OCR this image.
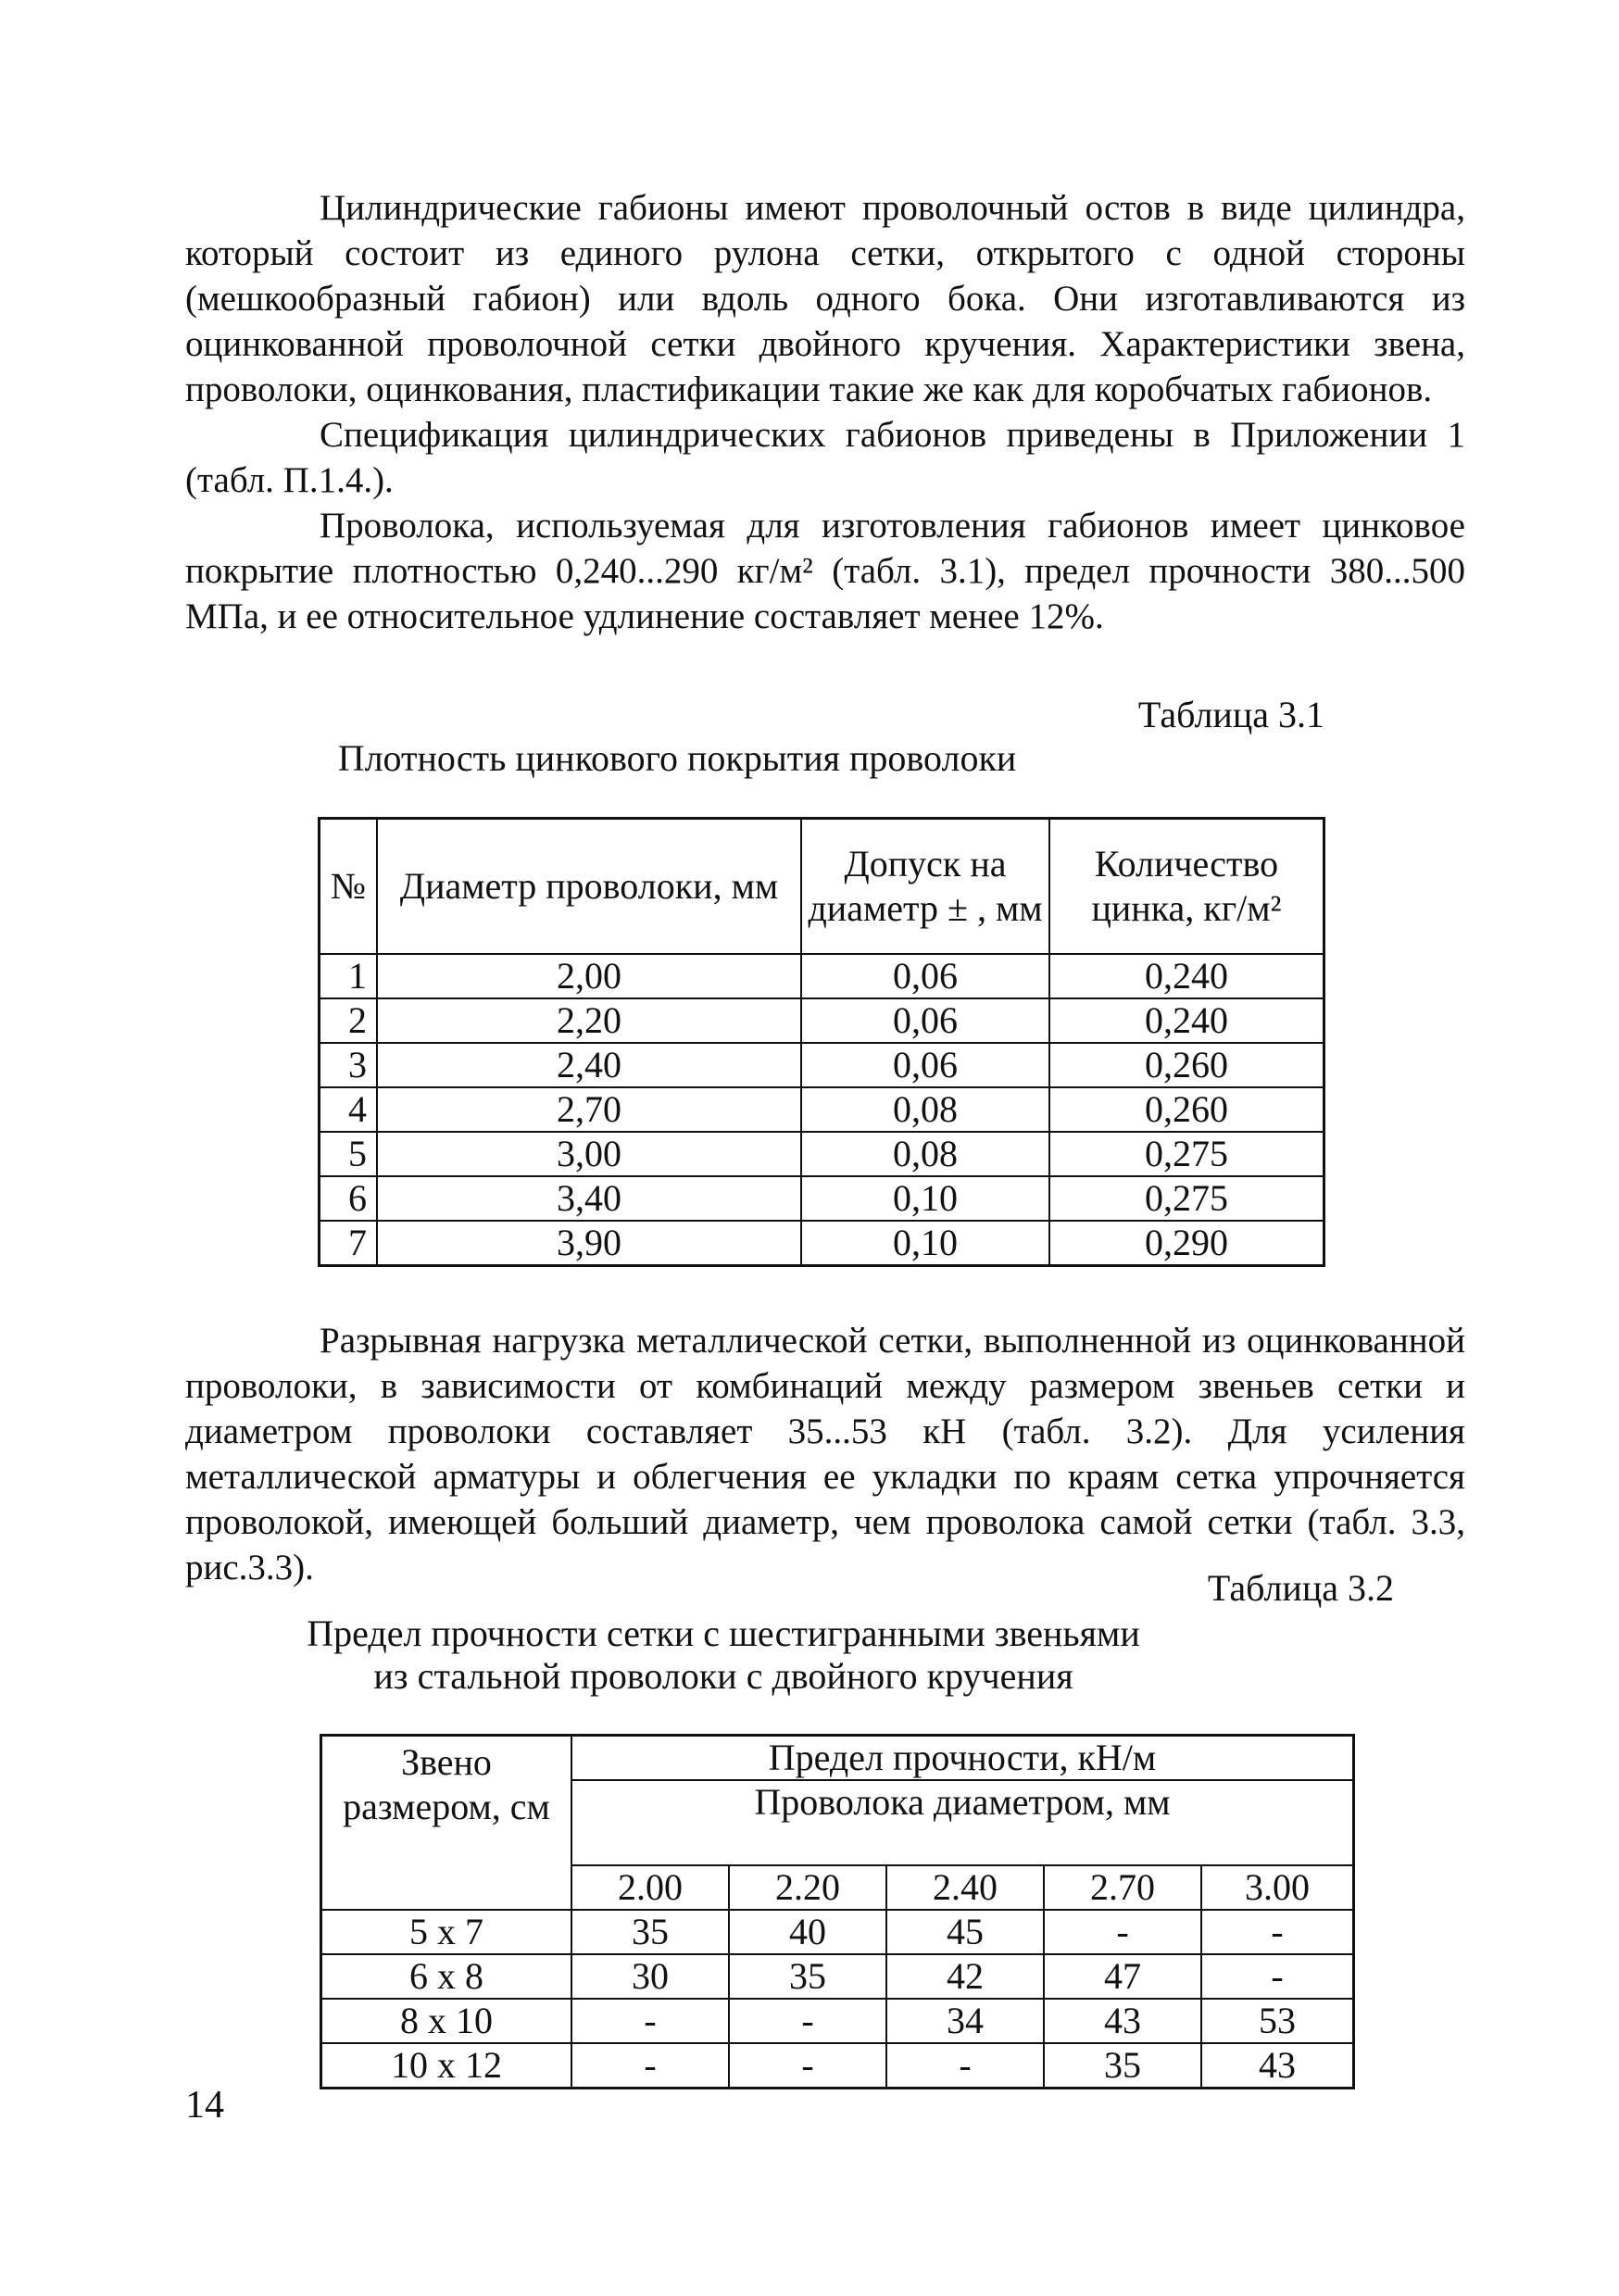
Цилиндрические габионы имеют проволочный остов в виде цилиндра, который состоит из единого рулона сетки, открытого с одной стороны (мешкообразный габион) или вдоль одного бока. Они изготавливаются из оцинкованной проволочной сетки двойного кручения. Характеристики звена, проволоки, оцинкования, пластификации такие же как для коробчатых габионов.

Спецификация цилиндрических габионов приведены в Приложении 1 (табл. П.1.4.).

Проволока, используемая для изготовления габионов имеет цинковое покрытие плотностью 0,240...290 кг/м² (табл. 3.1), предел прочности 380...500 МПа, и ее относительное удлинение составляет менее 12%.

Таблица 3.1
Плотность цинкового покрытия проволоки
№	Диаметр проволоки, мм	Допуск на диаметр ± , мм	Количество цинка, кг/м²
1	2,00	0,06	0,240
2	2,20	0,06	0,240
3	2,40	0,06	0,260
4	2,70	0,08	0,260
5	3,00	0,08	0,275
6	3,40	0,10	0,275
7	3,90	0,10	0,290

Разрывная нагрузка металлической сетки, выполненной из оцинкованной проволоки, в зависимости от комбинаций между размером звеньев сетки и диаметром проволоки составляет 35...53 кН (табл. 3.2). Для усиления металлической арматуры и облегчения ее укладки по краям сетка упрочняется проволокой, имеющей больший диаметр, чем проволока самой сетки (табл. 3.3, рис.3.3).	Таблица 3.2
Предел прочности сетки с шестигранными звеньями
из стальной проволоки с двойного кручения
Звено размером, см	Предел прочности, кН/м				
	Проволока диаметром, мм				
	2.00	2.20	2.40	2.70	3.00
5 x 7	35	40	45	-	-
6 x 8	30	35	42	47	-
8 x 10	-	-	34	43	53
10 x 12	-	-	-	35	43
14
